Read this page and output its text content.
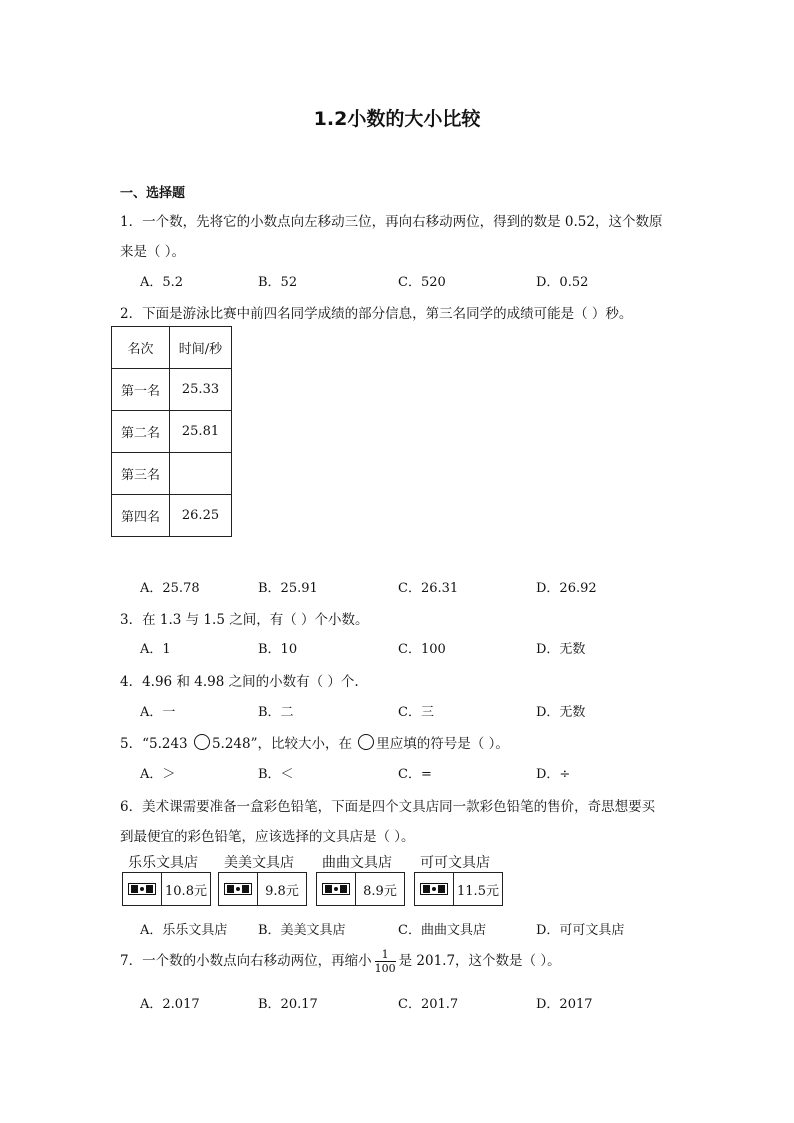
1.2小数的大小比较
一、选择题
1．一个数，先将它的小数点向左移动三位，再向右移动两位，得到的数是 0.52，这个数原
来是（ ）。
A．5.2	B．52	C．520	D．0.52
2．下面是游泳比赛中前四名同学成绩的部分信息，第三名同学的成绩可能是（ ）秒。
名次	时间/秒
第一名	25.33
第二名	25.81
第三名	
第四名	26.25
A．25.78	B．25.91	C．26.31	D．26.92
3．在 1.3 与 1.5 之间，有（ ）个小数。
A．1	B．10	C．100	D．无数
4．4.96 和 4.98 之间的小数有（ ）个.
A．一	B．二	C．三	D．无数
5．“5.243 5.248”，比较大小，在 里应填的符号是（ ）。
A．＞	B．＜	C．=	D．÷
6．美术课需要准备一盒彩色铅笔，下面是四个文具店同一款彩色铅笔的售价，奇思想要买
到最便宜的彩色铅笔，应该选择的文具店是（ ）。
乐乐文具店
10.8元
美美文具店
9.8元
曲曲文具店
8.9元
可可文具店
11.5元
A．乐乐文具店 B．美美文具店	C．曲曲文具店	D．可可文具店
7．一个数的小数点向右移动两位，再缩小 $\frac{1}{100}$ 是 201.7，这个数是（ ）。
A．2.017	B．20.17	C．201.7	D．2017
